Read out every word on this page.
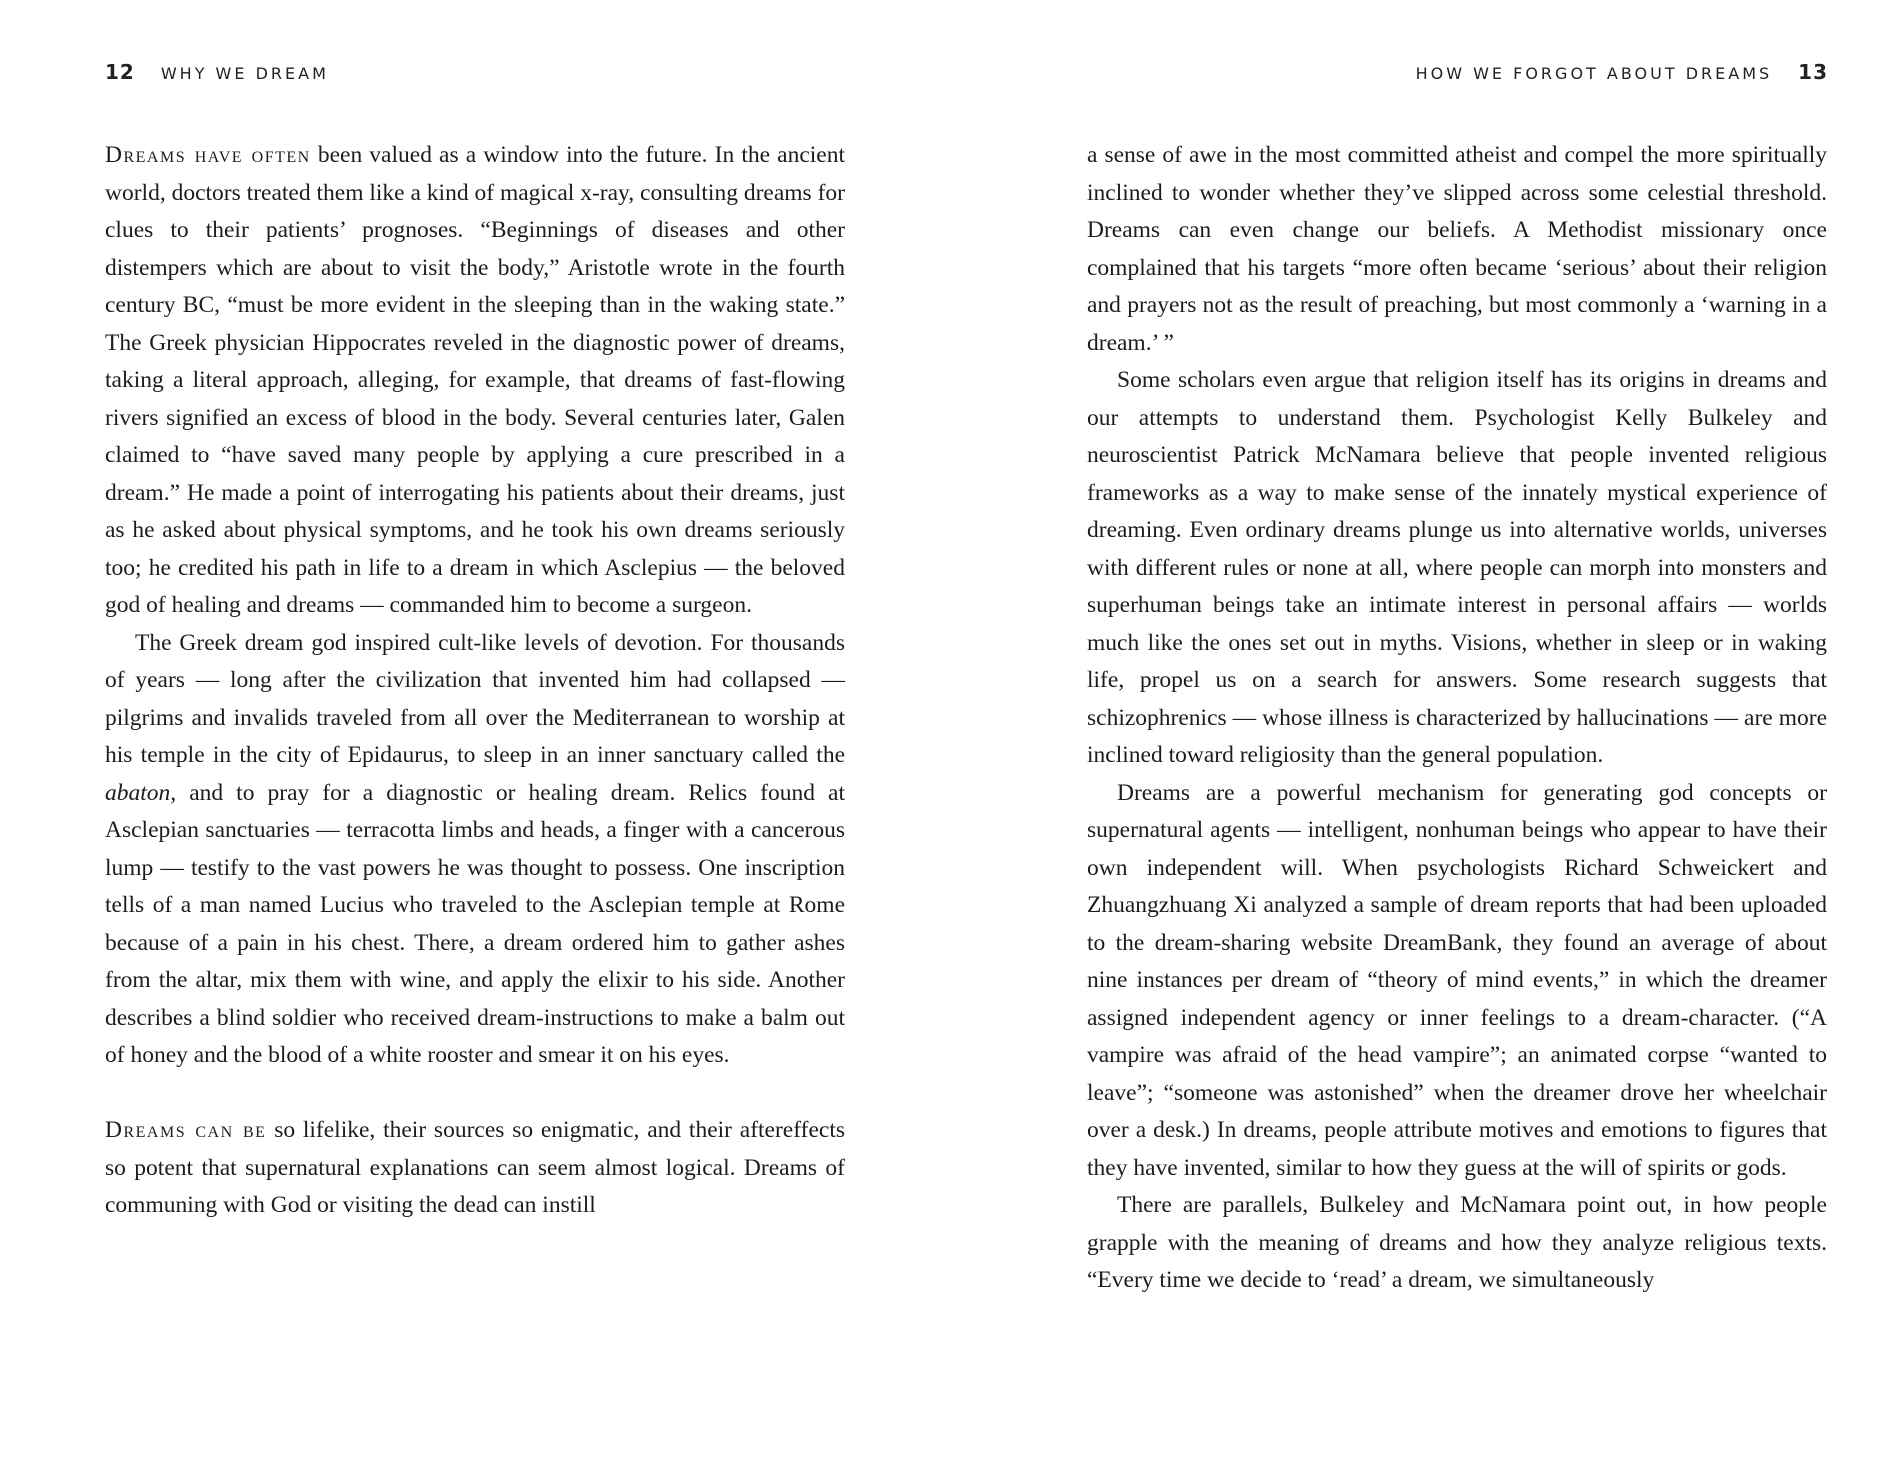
12 WHY WE DREAM

Dreams have often been valued as a window into the future. In the ancient world, doctors treated them like a kind of magical x-ray, consulting dreams for clues to their patients’ prognoses. “Beginnings of diseases and other distempers which are about to visit the body,” Aristotle wrote in the fourth century BC, “must be more evident in the sleeping than in the waking state.” The Greek physician Hippocrates reveled in the diagnostic power of dreams, taking a literal approach, alleging, for example, that dreams of fast-flowing rivers signified an excess of blood in the body. Several centuries later, Galen claimed to “have saved many people by applying a cure prescribed in a dream.” He made a point of interrogating his patients about their dreams, just as he asked about physical symptoms, and he took his own dreams seriously too; he credited his path in life to a dream in which Asclepius — the beloved god of healing and dreams — commanded him to become a surgeon.

The Greek dream god inspired cult-like levels of devotion. For thousands of years — long after the civilization that invented him had collapsed — pilgrims and invalids traveled from all over the Mediterranean to worship at his temple in the city of Epidaurus, to sleep in an inner sanctuary called the abaton, and to pray for a diagnostic or healing dream. Relics found at Asclepian sanctuaries — terracotta limbs and heads, a finger with a cancerous lump — testify to the vast powers he was thought to possess. One inscription tells of a man named Lucius who traveled to the Asclepian temple at Rome because of a pain in his chest. There, a dream ordered him to gather ashes from the altar, mix them with wine, and apply the elixir to his side. Another describes a blind soldier who received dream-instructions to make a balm out of honey and the blood of a white rooster and smear it on his eyes.

Dreams can be so lifelike, their sources so enigmatic, and their aftereffects so potent that supernatural explanations can seem almost logical. Dreams of communing with God or visiting the dead can instill

HOW WE FORGOT ABOUT DREAMS 13

a sense of awe in the most committed atheist and compel the more spiritually inclined to wonder whether they’ve slipped across some celestial threshold. Dreams can even change our beliefs. A Methodist missionary once complained that his targets “more often became ‘serious’ about their religion and prayers not as the result of preaching, but most commonly a ‘warning in a dream.’ ”

Some scholars even argue that religion itself has its origins in dreams and our attempts to understand them. Psychologist Kelly Bulkeley and neuroscientist Patrick McNamara believe that people invented religious frameworks as a way to make sense of the innately mystical experience of dreaming. Even ordinary dreams plunge us into alternative worlds, universes with different rules or none at all, where people can morph into monsters and superhuman beings take an intimate interest in personal affairs — worlds much like the ones set out in myths. Visions, whether in sleep or in waking life, propel us on a search for answers. Some research suggests that schizophrenics — whose illness is characterized by hallucinations — are more inclined toward religiosity than the general population.

Dreams are a powerful mechanism for generating god concepts or supernatural agents — intelligent, nonhuman beings who appear to have their own independent will. When psychologists Richard Schweickert and Zhuangzhuang Xi analyzed a sample of dream reports that had been uploaded to the dream-sharing website DreamBank, they found an average of about nine instances per dream of “theory of mind events,” in which the dreamer assigned independent agency or inner feelings to a dream-character. (“A vampire was afraid of the head vampire”; an animated corpse “wanted to leave”; “someone was astonished” when the dreamer drove her wheelchair over a desk.) In dreams, people attribute motives and emotions to figures that they have invented, similar to how they guess at the will of spirits or gods.

There are parallels, Bulkeley and McNamara point out, in how people grapple with the meaning of dreams and how they analyze religious texts. “Every time we decide to ‘read’ a dream, we simultaneously
